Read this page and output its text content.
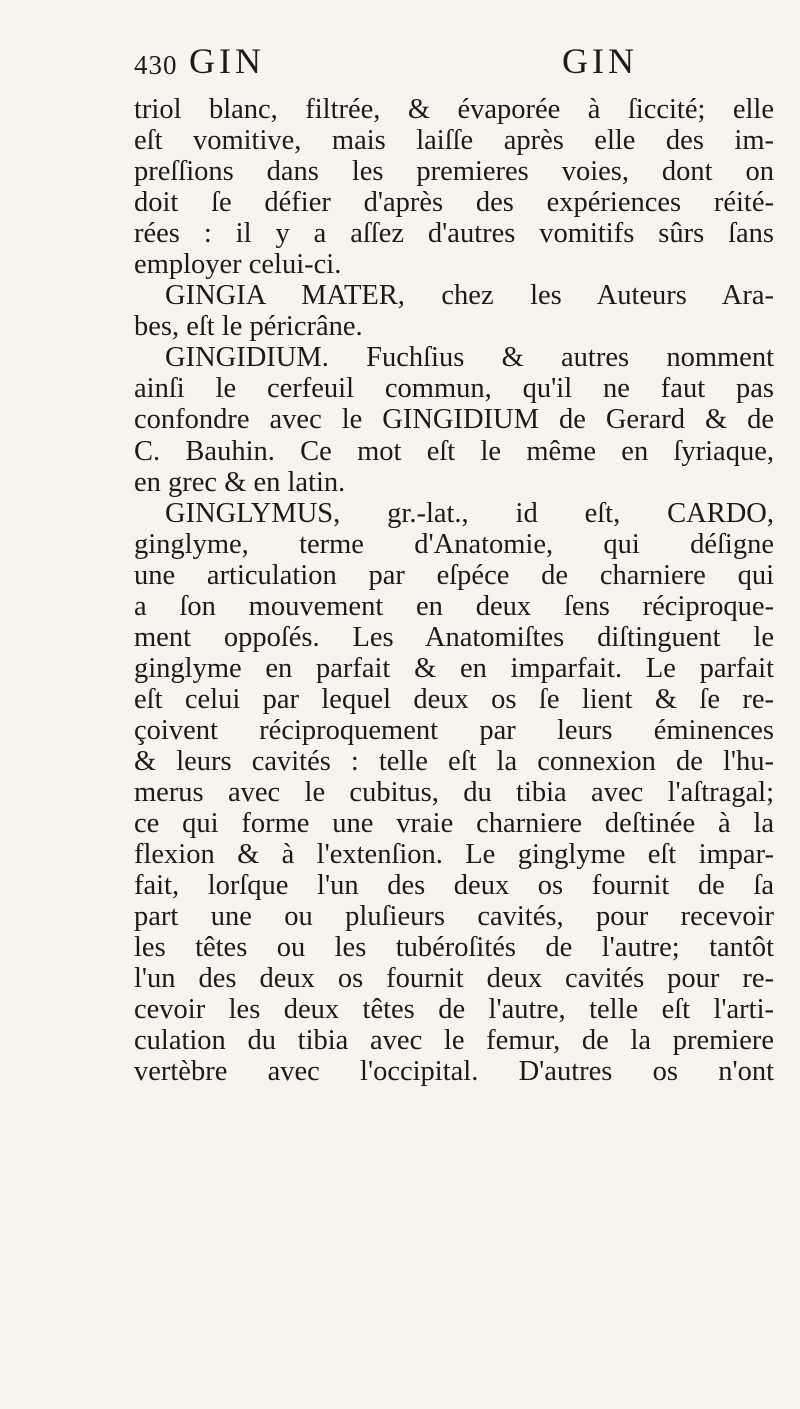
430 GIN	GIN
triol blanc, filtrée, & évaporée à ſiccité; elle
eſt vomitive, mais laiſſe après elle des im-
preſſions dans les premieres voies, dont on
doit ſe défier d'après des expériences réité-
rées : il y a aſſez d'autres vomitifs sûrs ſans
employer celui-ci.
GINGIA MATER, chez les Auteurs Ara-
bes, eſt le péricrâne.
GINGIDIUM. Fuchſius & autres nomment
ainſi le cerfeuil commun, qu'il ne faut pas
confondre avec le GINGIDIUM de Gerard & de
C. Bauhin. Ce mot eſt le même en ſyriaque,
en grec & en latin.
GINGLYMUS, gr.-lat., id eſt, CARDO,
ginglyme, terme d'Anatomie, qui déſigne
une articulation par eſpéce de charniere qui
a ſon mouvement en deux ſens réciproque-
ment oppoſés. Les Anatomiſtes diſtinguent le
ginglyme en parfait & en imparfait. Le parfait
eſt celui par lequel deux os ſe lient & ſe re-
çoivent réciproquement par leurs éminences
& leurs cavités : telle eſt la connexion de l'hu-
merus avec le cubitus, du tibia avec l'aſtragal;
ce qui forme une vraie charniere deſtinée à la
flexion & à l'extenſion. Le ginglyme eſt impar-
fait, lorſque l'un des deux os fournit de ſa
part une ou pluſieurs cavités, pour recevoir
les têtes ou les tubéroſités de l'autre; tantôt
l'un des deux os fournit deux cavités pour re-
cevoir les deux têtes de l'autre, telle eſt l'arti-
culation du tibia avec le femur, de la premiere
vertèbre avec l'occipital. D'autres os n'ont
